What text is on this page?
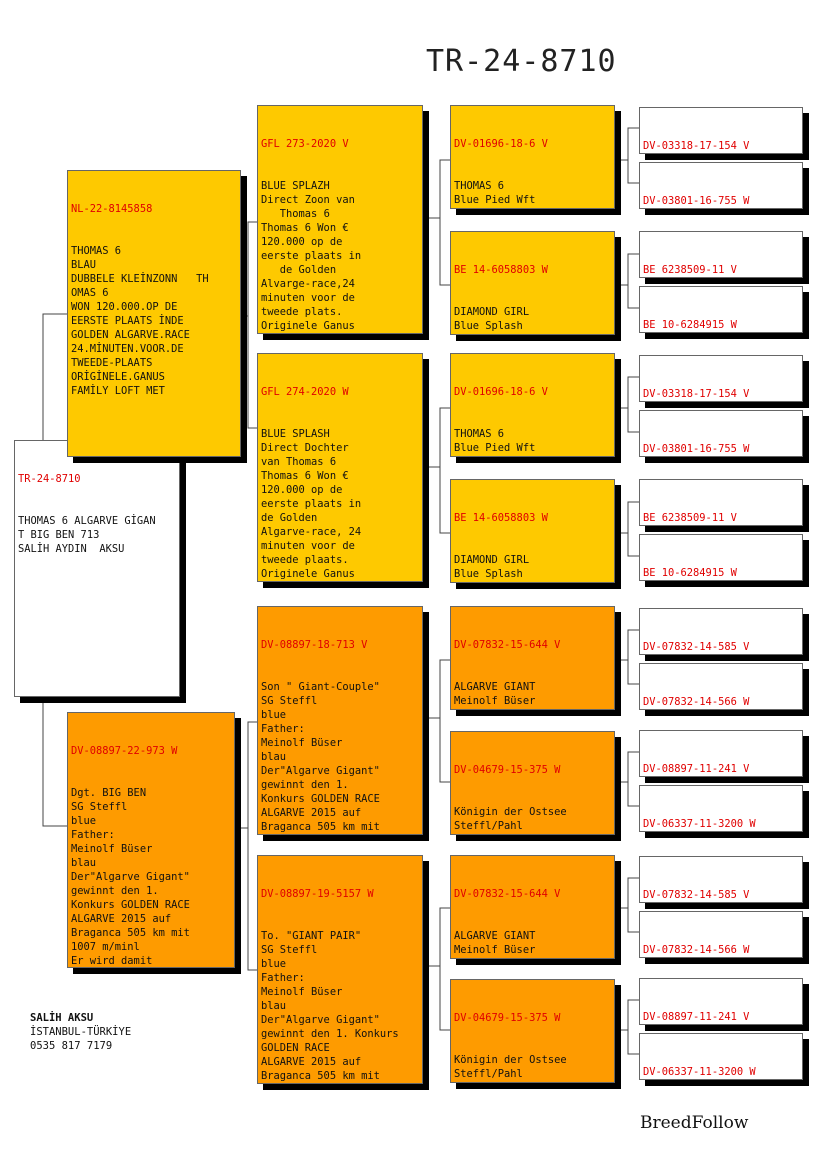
TR-24-8710

TR-24-8710

THOMAS 6 ALGARVE GİGAN
T BIG BEN 713
SALİH AYDIN  AKSU

NL-22-8145858

THOMAS 6
BLAU
DUBBELE KLEİNZONN   TH
OMAS 6
WON 120.000.OP DE
EERSTE PLAATS İNDE
GOLDEN ALGARVE.RACE
24.MİNUTEN.VOOR.DE
TWEEDE-PLAATS
ORİGİNELE.GANUS
FAMİLY LOFT MET

DV-08897-22-973 W

Dgt. BIG BEN
SG Steffl
blue
Father:
Meinolf Büser
blau
Der"Algarve Gigant"
gewinnt den 1.
Konkurs GOLDEN RACE
ALGARVE 2015 auf
Braganca 505 km mit
1007 m/minl
Er wird damit

GFL 273-2020 V

BLUE SPLAZH
Direct Zoon van
Thomas 6
Thomas 6 Won €
120.000 op de
eerste plaats in
de Golden
Alvarge-race,24
minuten voor de
tweede plats.
Originele Ganus

GFL 274-2020 W

BLUE SPLASH
Direct Dochter
van Thomas 6
Thomas 6 Won €
120.000 op de
eerste plaats in
de Golden
Algarve-race, 24
minuten voor de
tweede plaats.
Originele Ganus

DV-08897-18-713 V

Son " Giant-Couple"
SG Steffl
blue
Father:
Meinolf Büser
blau
Der"Algarve Gigant"
gewinnt den 1.
Konkurs GOLDEN RACE
ALGARVE 2015 auf
Braganca 505 km mit

DV-08897-19-5157 W

To. "GIANT PAIR"
SG Steffl
blue
Father:
Meinolf Büser
blau
Der"Algarve Gigant"
gewinnt den 1. Konkurs
GOLDEN RACE
ALGARVE 2015 auf
Braganca 505 km mit

DV-01696-18-6 V

THOMAS 6
Blue Pied Wft

BE 14-6058803 W

DIAMOND GIRL
Blue Splash

DV-01696-18-6 V

THOMAS 6
Blue Pied Wft

BE 14-6058803 W

DIAMOND GIRL
Blue Splash

DV-07832-15-644 V

ALGARVE GIANT
Meinolf Büser

DV-04679-15-375 W

Königin der Ostsee
Steffl/Pahl

DV-07832-15-644 V

ALGARVE GIANT
Meinolf Büser

DV-04679-15-375 W

Königin der Ostsee
Steffl/Pahl

DV-03318-17-154 V

DV-03801-16-755 W

BE 6238509-11 V

BE 10-6284915 W

DV-03318-17-154 V

DV-03801-16-755 W

BE 6238509-11 V

BE 10-6284915 W

DV-07832-14-585 V

DV-07832-14-566 W

DV-08897-11-241 V

DV-06337-11-3200 W

DV-07832-14-585 V

DV-07832-14-566 W

DV-08897-11-241 V

DV-06337-11-3200 W

SALİH AKSU
İSTANBUL-TÜRKİYE
0535 817 7179
BreedFollow
